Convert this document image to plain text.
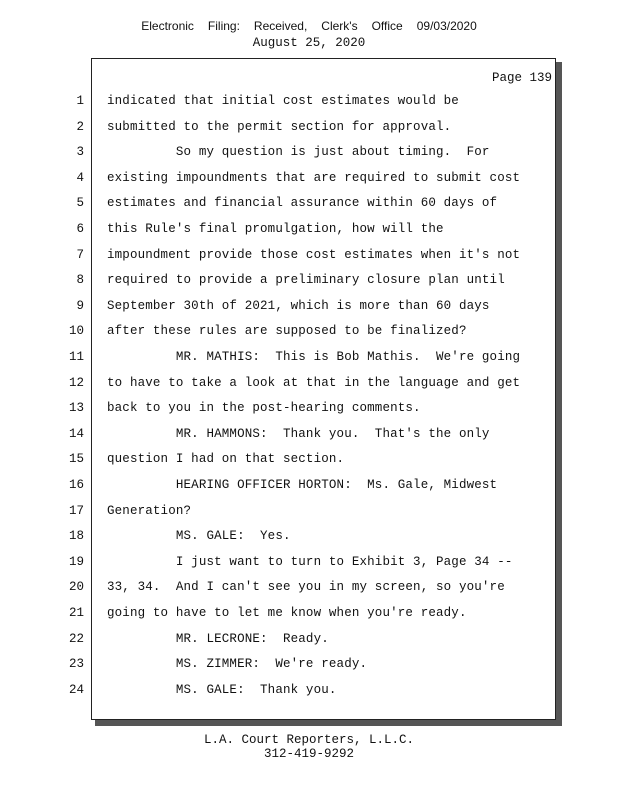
Electronic Filing: Received, Clerk's Office 09/03/2020
August 25, 2020
Page 139
1 indicated that initial cost estimates would be
2 submitted to the permit section for approval.
3 So my question is just about timing.  For
4 existing impoundments that are required to submit cost
5 estimates and financial assurance within 60 days of
6 this Rule's final promulgation, how will the
7 impoundment provide those cost estimates when it's not
8 required to provide a preliminary closure plan until
9 September 30th of 2021, which is more than 60 days
10 after these rules are supposed to be finalized?
11 MR. MATHIS:  This is Bob Mathis.  We're going
12 to have to take a look at that in the language and get
13 back to you in the post-hearing comments.
14 MR. HAMMONS:  Thank you.  That's the only
15 question I had on that section.
16 HEARING OFFICER HORTON:  Ms. Gale, Midwest
17 Generation?
18 MS. GALE:  Yes.
19 I just want to turn to Exhibit 3, Page 34 --
20 33, 34.  And I can't see you in my screen, so you're
21 going to have to let me know when you're ready.
22 MR. LECRONE:  Ready.
23 MS. ZIMMER:  We're ready.
24 MS. GALE:  Thank you.
L.A. Court Reporters, L.L.C.
312-419-9292
